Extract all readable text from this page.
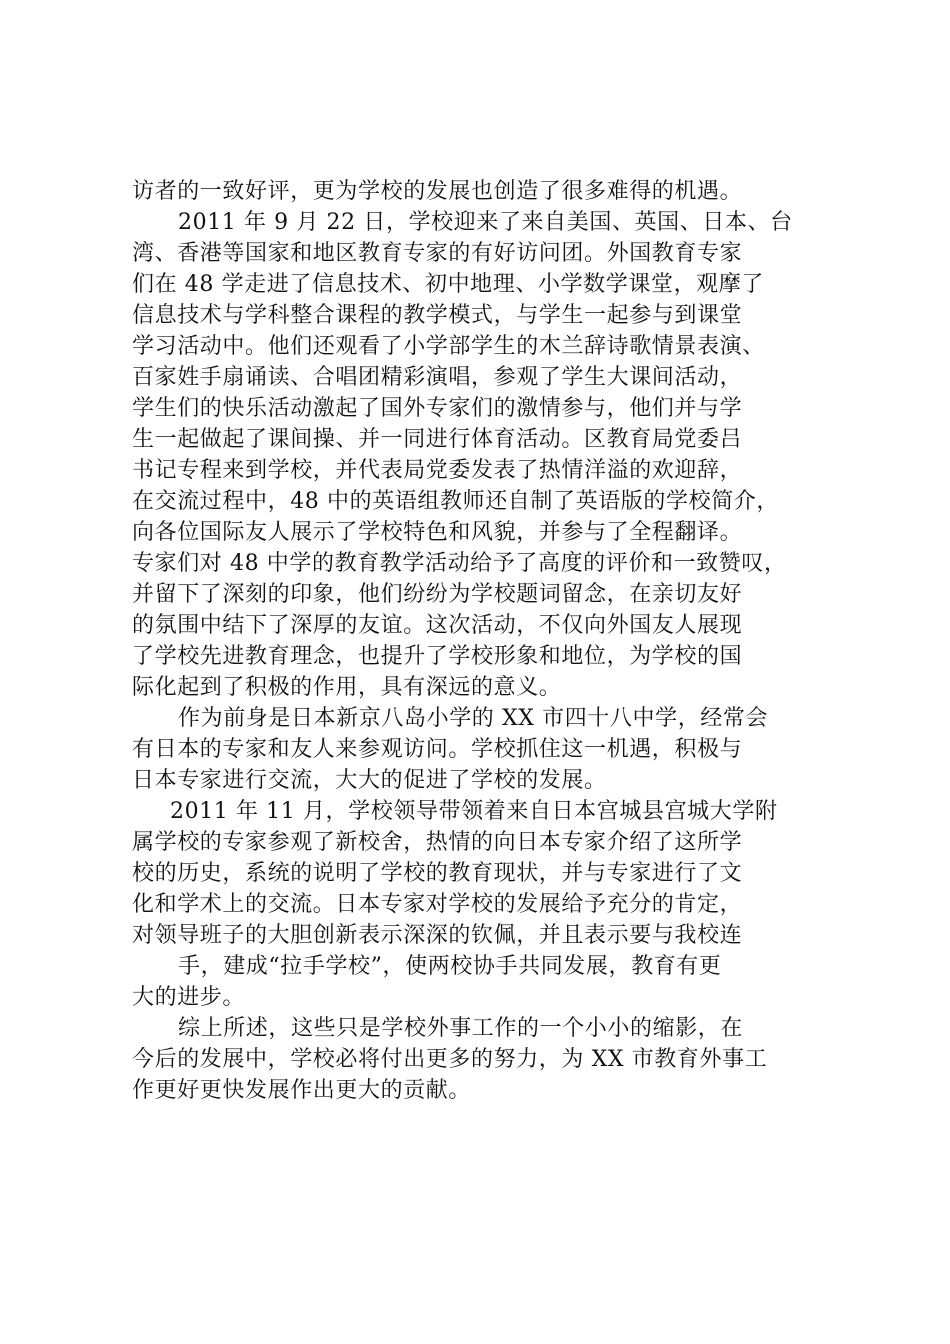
访者的一致好评，更为学校的发展也创造了很多难得的机遇。
2011 年 9 月 22 日，学校迎来了来自美国、英国、日本、台
湾、香港等国家和地区教育专家的有好访问团。外国教育专家
们在 48 学走进了信息技术、初中地理、小学数学课堂，观摩了
信息技术与学科整合课程的教学模式，与学生一起参与到课堂
学习活动中。他们还观看了小学部学生的木兰辞诗歌情景表演、
百家姓手扇诵读、合唱团精彩演唱，参观了学生大课间活动，
学生们的快乐活动激起了国外专家们的激情参与，他们并与学
生一起做起了课间操、并一同进行体育活动。区教育局党委吕
书记专程来到学校，并代表局党委发表了热情洋溢的欢迎辞，
在交流过程中，48 中的英语组教师还自制了英语版的学校简介，
向各位国际友人展示了学校特色和风貌，并参与了全程翻译。
专家们对 48 中学的教育教学活动给予了高度的评价和一致赞叹，
并留下了深刻的印象，他们纷纷为学校题词留念，在亲切友好
的氛围中结下了深厚的友谊。这次活动，不仅向外国友人展现
了学校先进教育理念，也提升了学校形象和地位，为学校的国
际化起到了积极的作用，具有深远的意义。
作为前身是日本新京八岛小学的 XX 市四十八中学，经常会
有日本的专家和友人来参观访问。学校抓住这一机遇，积极与
日本专家进行交流，大大的促进了学校的发展。
2011 年 11 月，学校领导带领着来自日本宫城县宫城大学附
属学校的专家参观了新校舍，热情的向日本专家介绍了这所学
校的历史，系统的说明了学校的教育现状，并与专家进行了文
化和学术上的交流。日本专家对学校的发展给予充分的肯定，
对领导班子的大胆创新表示深深的钦佩，并且表示要与我校连
手，建成“拉手学校”，使两校协手共同发展，教育有更
大的进步。
综上所述，这些只是学校外事工作的一个小小的缩影，在
今后的发展中，学校必将付出更多的努力，为 XX 市教育外事工
作更好更快发展作出更大的贡献。
